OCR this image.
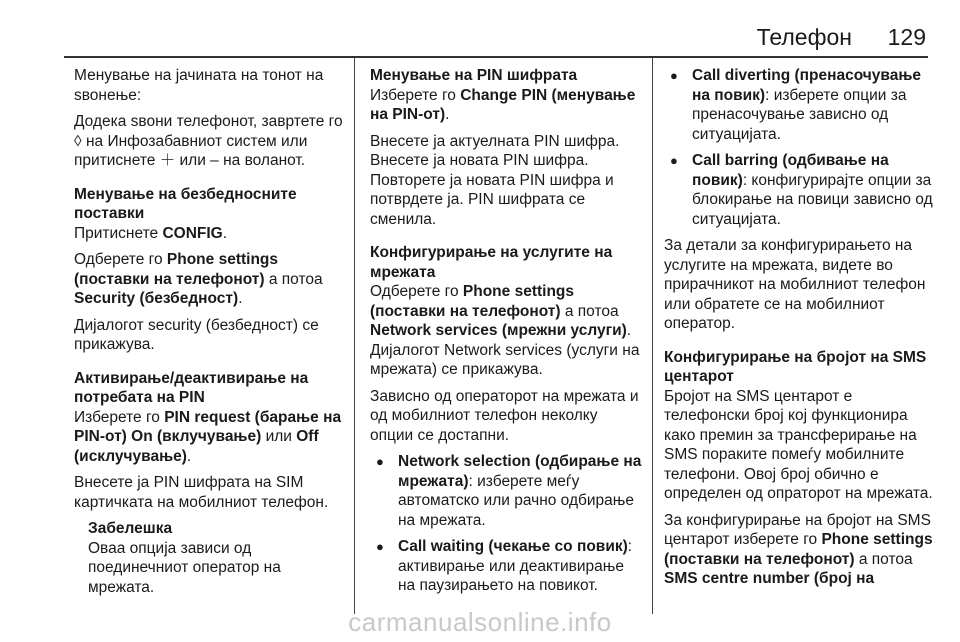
Телефон 129

Менување на јачината на тонот на ѕвонење:

Додека ѕвони телефонот, завртете го ◊ на Инфозабавниот систем или притиснете ＋ или – на воланот.

Менување на безбедносните поставки

Притиснете CONFIG.

Одберете го Phone settings (поставки на телефонот) а потоа Security (безбедност).

Дијалогот security (безбедност) се прикажува.

Активирање/деактивирање на потребата на PIN

Изберете го PIN request (барање на PIN-от) On (вклучување) или Off (исклучување).

Внесете ја PIN шифрата на SIM картичката на мобилниот телефон.

Забелешка
Оваа опција зависи од поединечниот оператор на мрежата.
Менување на PIN шифрата

Изберете го Change PIN (менување на PIN-от).

Внесете ја актуелната PIN шифра. Внесете ја новата PIN шифра. Повторете ја новата PIN шифра и потврдете ја. PIN шифрата се сменила.

Конфигурирање на услугите на мрежата

Одберете го Phone settings (поставки на телефонот) а потоа Network services (мрежни услуги). Дијалогот Network services (услуги на мрежата) се прикажува.

Зависно од операторот на мрежата и од мобилниот телефон неколку опции се достапни.

● Network selection (одбирање на мрежата): изберете меѓу автоматско или рачно одбирање на мрежата.
● Call waiting (чекање со повик): активирање или деактивирање на паузирањето на повикот.
● Call diverting (пренасочување на повик): изберете опции за пренасочување зависно од ситуацијата.
● Call barring (одбивање на повик): конфигурирајте опции за блокирање на повици зависно од ситуацијата.

За детали за конфигурирањето на услугите на мрежата, видете во прирачникот на мобилниот телефон или обратете се на мобилниот оператор.

Конфигурирање на бројот на SMS центарот

Бројот на SMS центарот е телефонски број кој функционира како премин за трансферирање на SMS пораките помеѓу мобилните телефони. Овој број обично е определен од опраторот на мрежата.

За конфигурирање на бројот на SMS центарот изберете го Phone settings (поставки на телефонот) а потоа SMS centre number (број на

carmanualsonline.info
